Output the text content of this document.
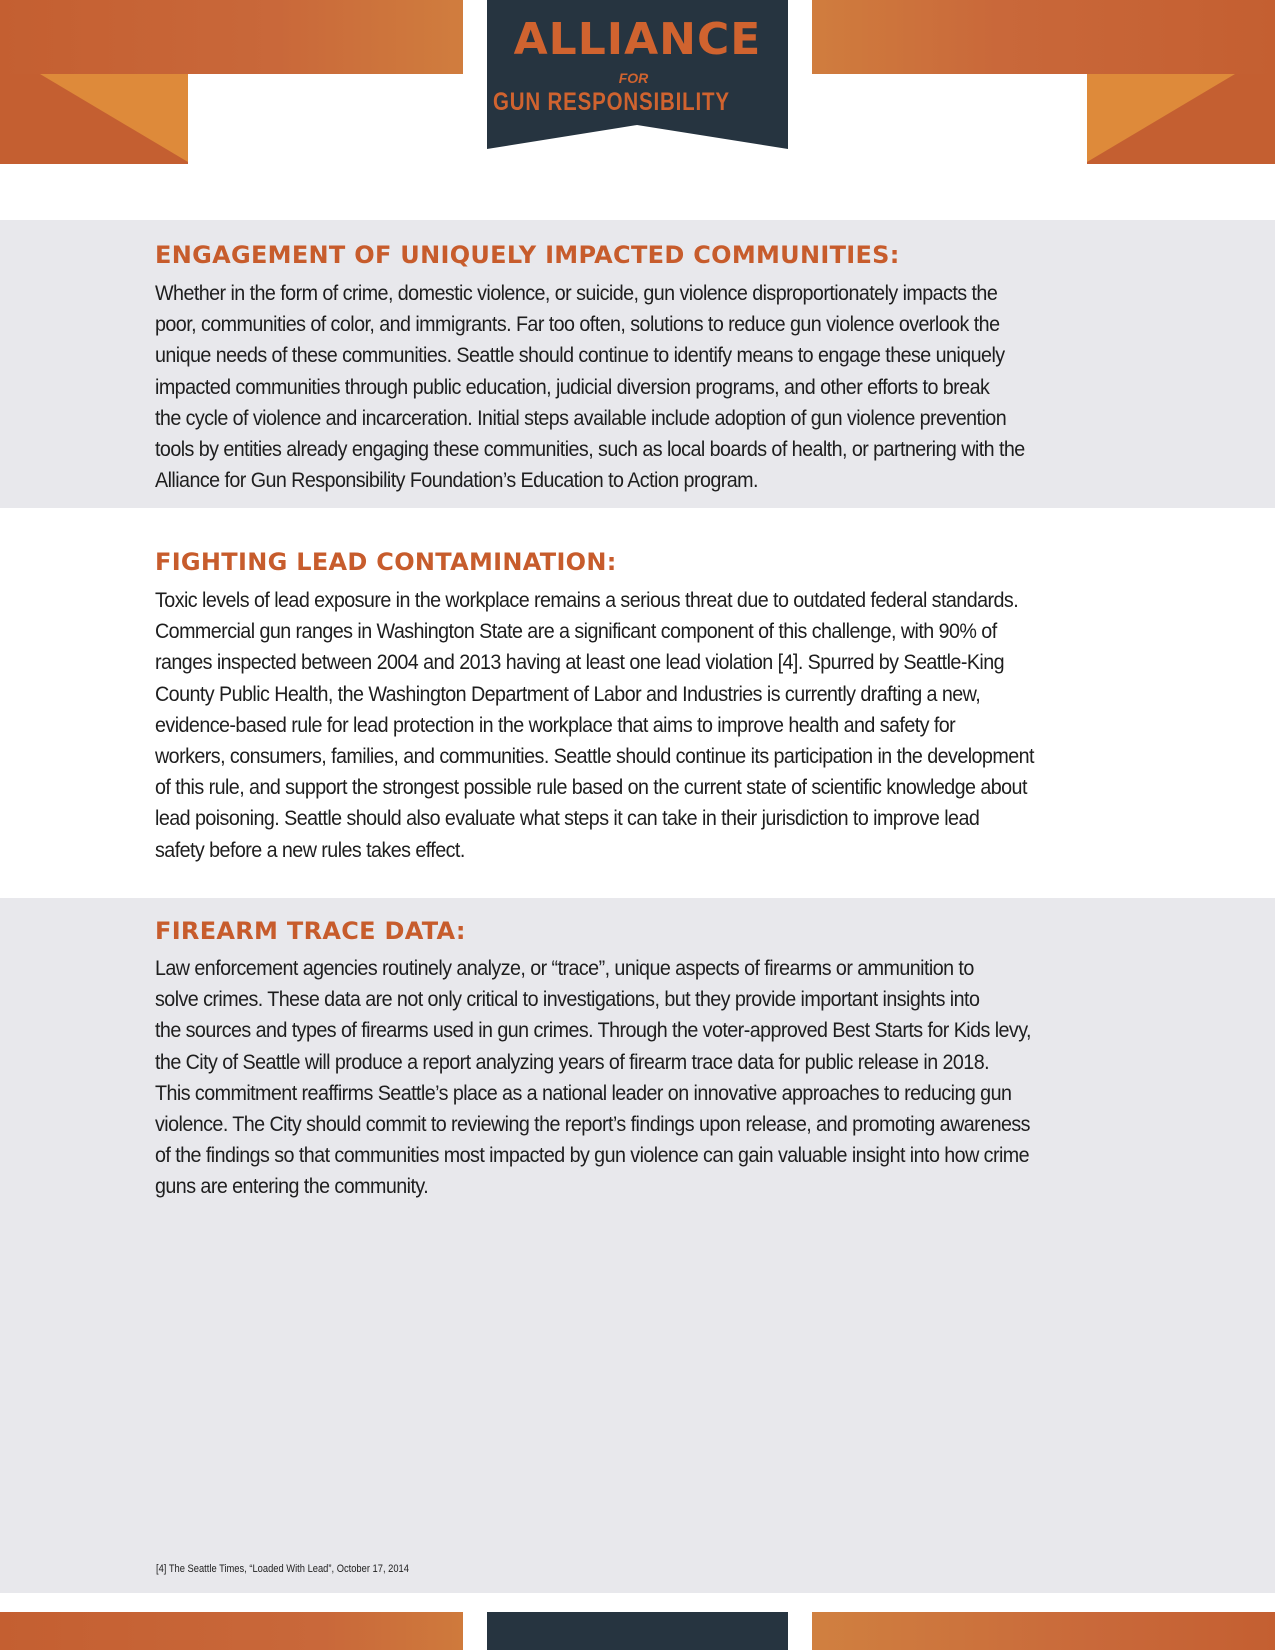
ALLIANCE
FORGUN RESPONSIBILITY
ENGAGEMENT OF UNIQUELY IMPACTED COMMUNITIES:
Whether in the form of crime, domestic violence, or suicide, gun violence disproportionately impacts the
poor, communities of color, and immigrants. Far too often, solutions to reduce gun violence overlook the
unique needs of these communities. Seattle should continue to identify means to engage these uniquely
impacted communities through public education, judicial diversion programs, and other efforts to break
the cycle of violence and incarceration. Initial steps available include adoption of gun violence prevention
tools by entities already engaging these communities, such as local boards of health, or partnering with the
Alliance for Gun Responsibility Foundation’s Education to Action program.
FIGHTING LEAD CONTAMINATION:
Toxic levels of lead exposure in the workplace remains a serious threat due to outdated federal standards.
Commercial gun ranges in Washington State are a significant component of this challenge, with 90% of
ranges inspected between 2004 and 2013 having at least one lead violation [4]. Spurred by Seattle-King
County Public Health, the Washington Department of Labor and Industries is currently drafting a new,
evidence-based rule for lead protection in the workplace that aims to improve health and safety for
workers, consumers, families, and communities. Seattle should continue its participation in the development
of this rule, and support the strongest possible rule based on the current state of scientific knowledge about
lead poisoning. Seattle should also evaluate what steps it can take in their jurisdiction to improve lead
safety before a new rules takes effect.
FIREARM TRACE DATA:
Law enforcement agencies routinely analyze, or “trace”, unique aspects of firearms or ammunition to
solve crimes. These data are not only critical to investigations, but they provide important insights into
the sources and types of firearms used in gun crimes. Through the voter-approved Best Starts for Kids levy,
the City of Seattle will produce a report analyzing years of firearm trace data for public release in 2018.
This commitment reaffirms Seattle’s place as a national leader on innovative approaches to reducing gun
violence. The City should commit to reviewing the report’s findings upon release, and promoting awareness
of the findings so that communities most impacted by gun violence can gain valuable insight into how crime
guns are entering the community.
[4] The Seattle Times, “Loaded With Lead”, October 17, 2014
